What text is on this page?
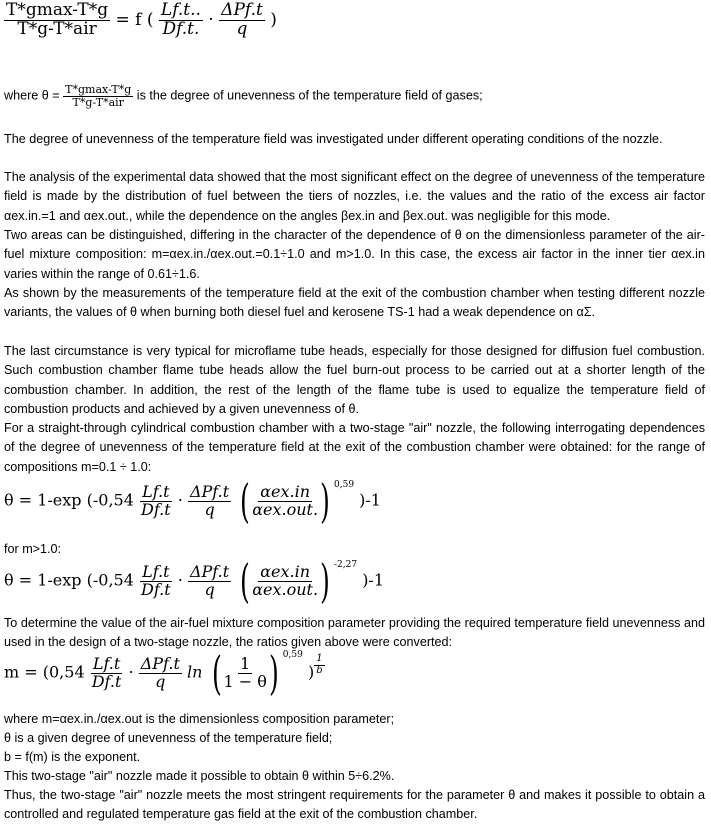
$\frac{T*gmax-T*g}{\text{T*g-T*air}} = f$ ( $\frac{Lf.t..}{Df.t.} \cdot \frac{\text{ΔPf.t}}{q}$ )
where $\theta = \frac{T*gmax-T*g}{\text{T*g-T*air}}$ is the degree of unevenness of the temperature field of gases;
The degree of unevenness of the temperature field was investigated under different operating conditions of the nozzle.
The analysis of the experimental data showed that the most significant effect on the degree of unevenness of the temperature field is made by the distribution of fuel between the tiers of nozzles, i.e. the values and the ratio of the excess air factor αex.in.=1 and αex.out., while the dependence on the angles βex.in and βex.out. was negligible for this mode.
Two areas can be distinguished, differing in the character of the dependence of θ on the dimensionless parameter of the air-fuel mixture composition: m=αex.in./αex.out.=0.1÷1.0 and m>1.0. In this case, the excess air factor in the inner tier αex.in varies within the range of 0.61÷1.6.
As shown by the measurements of the temperature field at the exit of the combustion chamber when testing different nozzle variants, the values of θ when burning both diesel fuel and kerosene TS-1 had a weak dependence on αΣ.
The last circumstance is very typical for microflame tube heads, especially for those designed for diffusion fuel combustion. Such combustion chamber flame tube heads allow the fuel burn-out process to be carried out at a shorter length of the combustion chamber. In addition, the rest of the length of the flame tube is used to equalize the temperature field of combustion products and achieved by a given unevenness of θ.
For a straight-through cylindrical combustion chamber with a two-stage "air" nozzle, the following interrogating dependences of the degree of unevenness of the temperature field at the exit of the combustion chamber were obtained: for the range of compositions m=0.1 ÷ 1.0:
θ = 1-exp ($-0,54 \frac{Lf.t}{Df.t} \cdot \frac{\text{ΔPf.t}}{q}$ ( $\frac{\text{αex.in}}{\text{αex.out.}}$ ) $^{0,59}$ )-1
for m>1.0:
θ = 1-exp ($-0,54 \frac{Lf.t}{Df.t} \cdot \frac{\text{ΔPf.t}}{q}$ ( $\frac{\text{αex.in}}{\text{αex.out.}}$ ) $^{-2,27}$ )-1
To determine the value of the air-fuel mixture composition parameter providing the required temperature field unevenness and used in the design of a two-stage nozzle, the ratios given above were converted:
$m = (0,54 \frac{Lf.t}{Df.t} \cdot \frac{\text{ΔPf.t}}{q}$ ln ( $\frac{1}{1 - \theta}$ ) $^{0,59}$ ) $\frac{1}{b}$
where m=αex.in./αex.out is the dimensionless composition parameter;
θ is a given degree of unevenness of the temperature field;
b = f(m) is the exponent.
This two-stage "air" nozzle made it possible to obtain θ within 5÷6.2%.
Thus, the two-stage "air" nozzle meets the most stringent requirements for the parameter θ and makes it possible to obtain a controlled and regulated temperature gas field at the exit of the combustion chamber.
